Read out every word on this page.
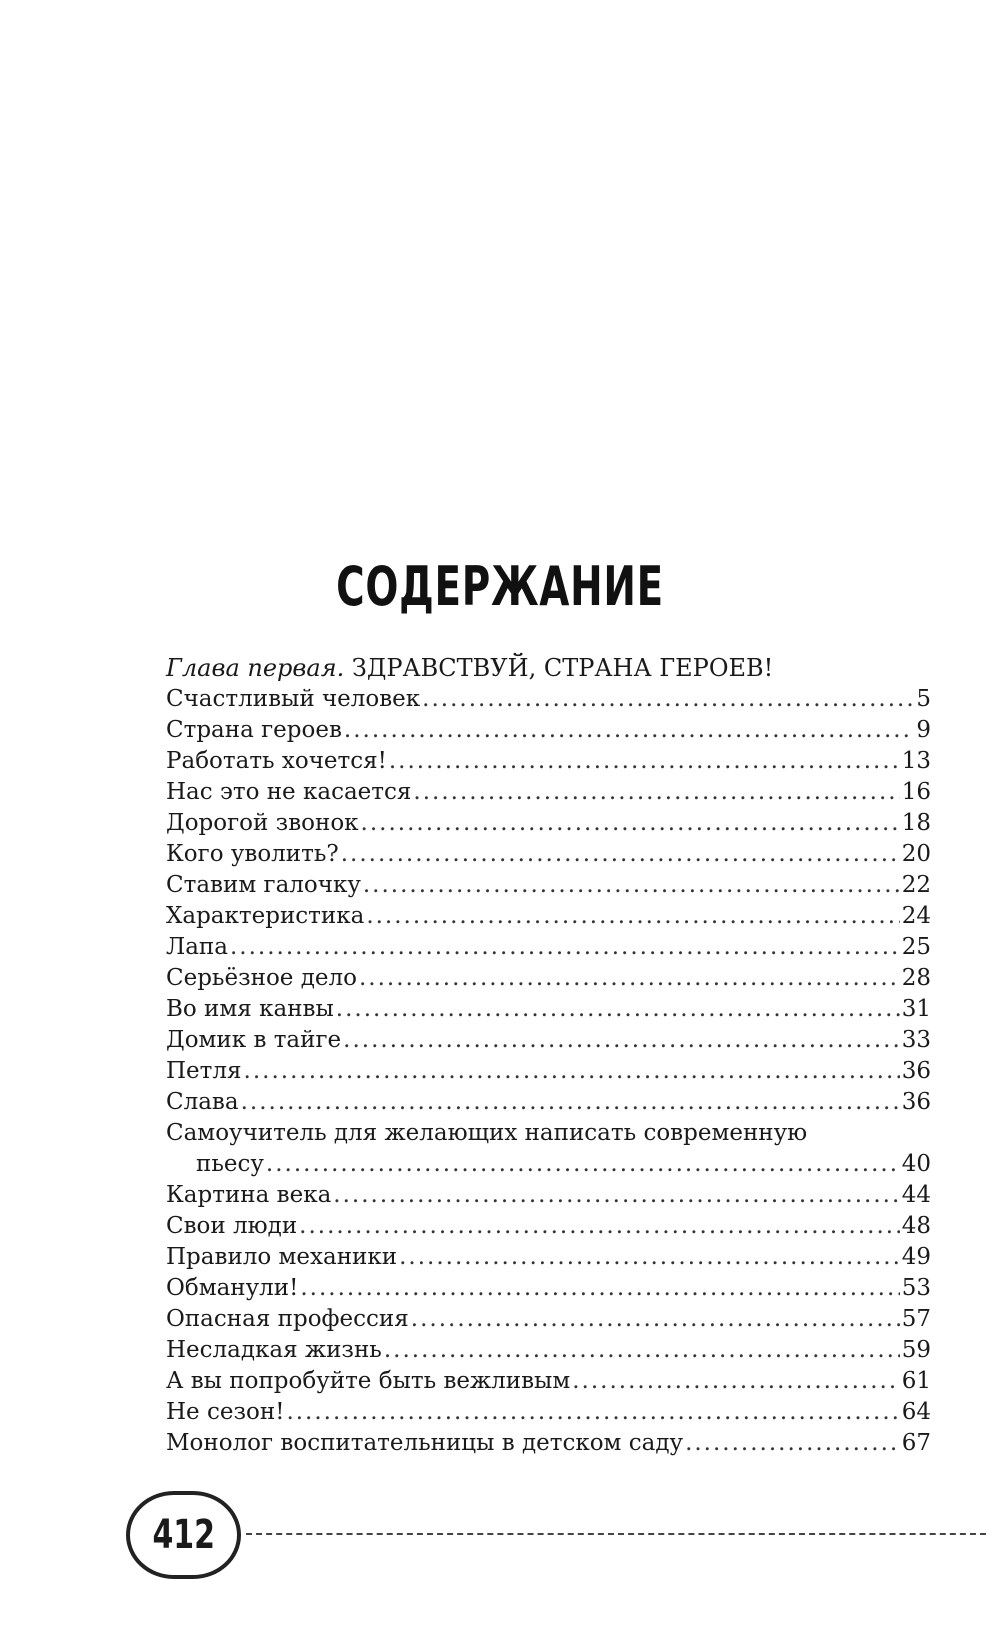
СОДЕРЖАНИЕ
Глава первая. ЗДРАВСТВУЙ, СТРАНА ГЕРОЕВ!
Счастливый человек .....	5
Страна героев .....	9
Работать хочется! .....	13
Нас это не касается .....	16
Дорогой звонок .....	18
Кого уволить? .....	20
Ставим галочку .....	22
Характеристика .....	24
Лапа .....	25
Серьёзное дело .....	28
Во имя канвы .....	31
Домик в тайге .....	33
Петля .....	36
Слава .....	36
Самоучитель для желающих написать современную
пьесу .....	40
Картина века .....	44
Свои люди .....	48
Правило механики .....	49
Обманули! .....	53
Опасная профессия .....	57
Несладкая жизнь .....	59
А вы попробуйте быть вежливым .....	61
Не сезон! .....	64
Монолог воспитательницы в детском саду .....	67
412
